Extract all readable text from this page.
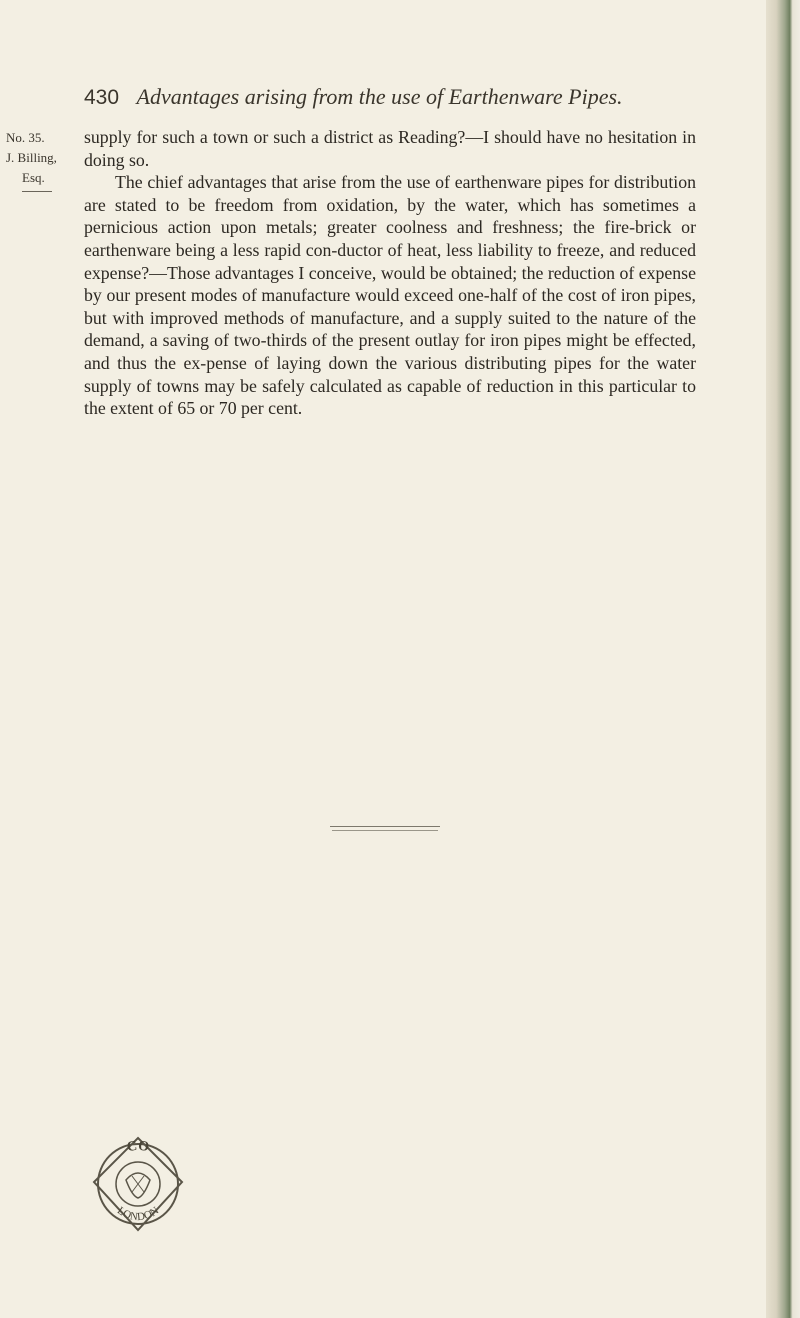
430 Advantages arising from the use of Earthenware Pipes.
No. 35.
J. Billing,
Esq.

supply for such a town or such a district as Reading?—I should have no hesitation in doing so.

The chief advantages that arise from the use of earthenware pipes for distribution are stated to be freedom from oxidation, by the water, which has sometimes a pernicious action upon metals; greater coolness and freshness; the fire-brick or earthenware being a less rapid con-ductor of heat, less liability to freeze, and reduced expense?—Those advantages I conceive, would be obtained; the reduction of expense by our present modes of manufacture would exceed one-half of the cost of iron pipes, but with improved methods of manufacture, and a supply suited to the nature of the demand, a saving of two-thirds of the present outlay for iron pipes might be effected, and thus the ex-pense of laying down the various distributing pipes for the water supply of towns may be safely calculated as capable of reduction in this particular to the extent of 65 or 70 per cent.

CO
LONDON
